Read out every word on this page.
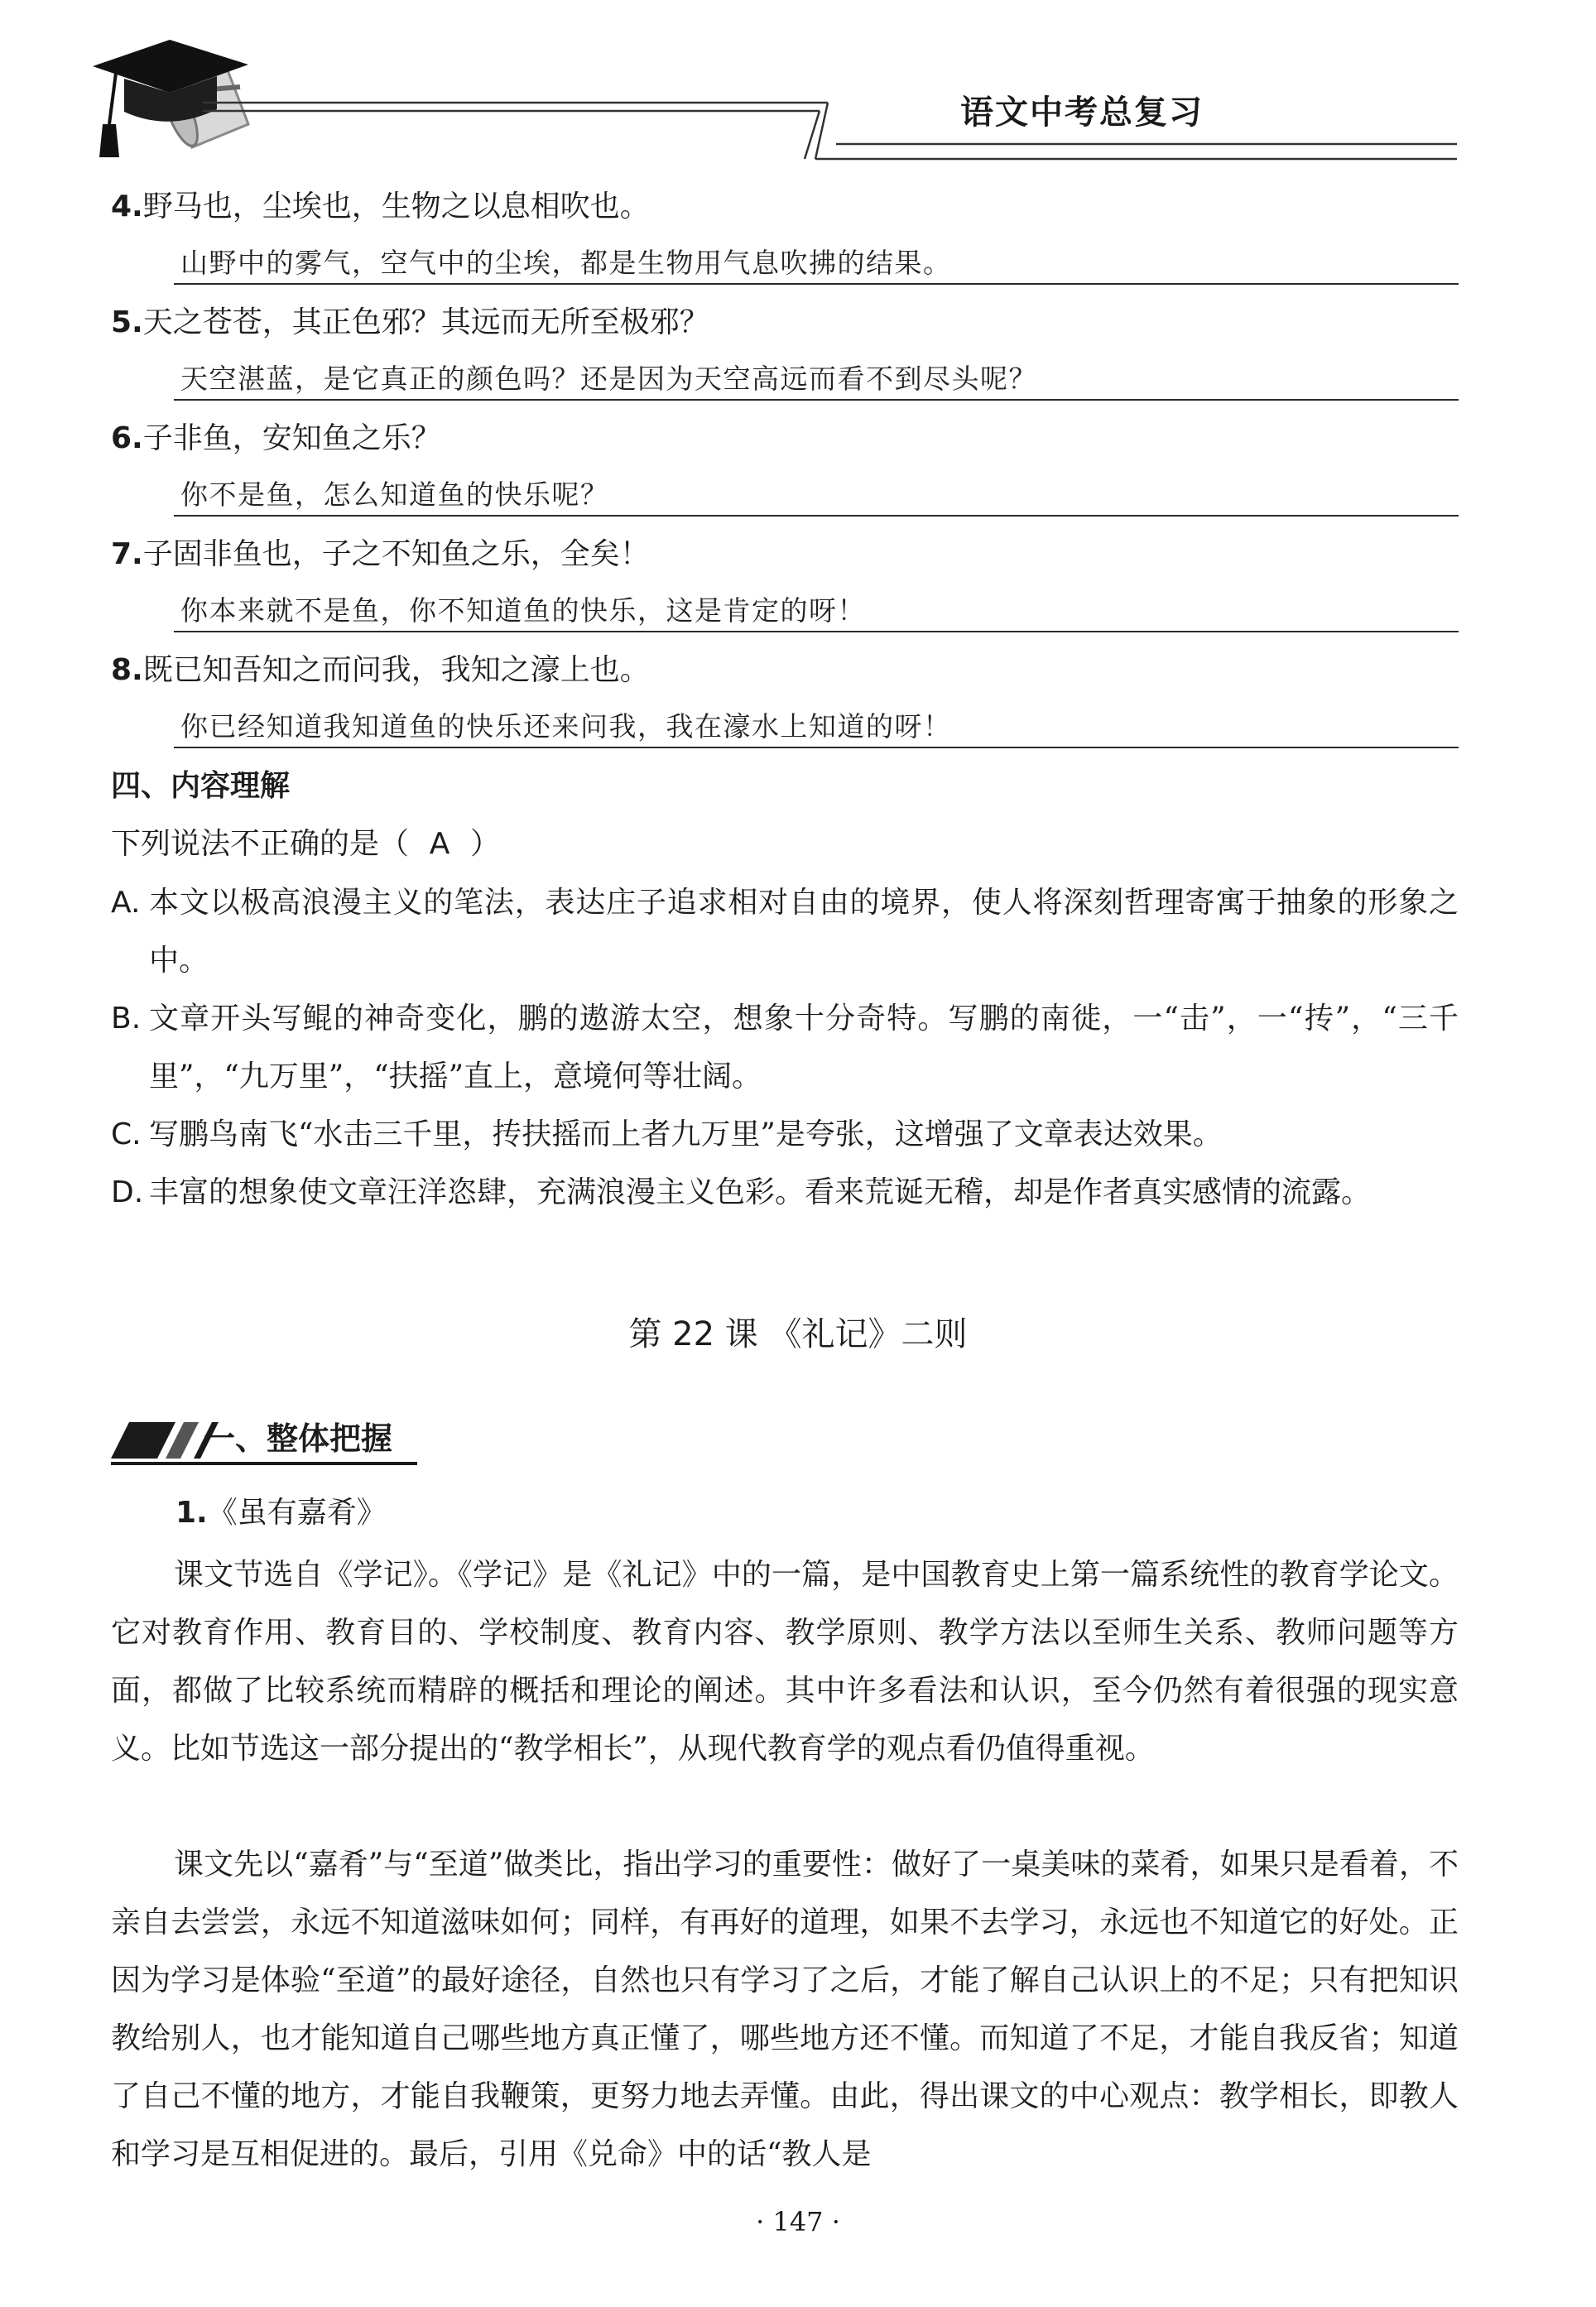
语文中考总复习
4.野马也，尘埃也，生物之以息相吹也。
山野中的雾气，空气中的尘埃，都是生物用气息吹拂的结果。
5.天之苍苍，其正色邪？其远而无所至极邪？
天空湛蓝，是它真正的颜色吗？还是因为天空高远而看不到尽头呢？
6.子非鱼，安知鱼之乐？
你不是鱼，怎么知道鱼的快乐呢？
7.子固非鱼也，子之不知鱼之乐，全矣！
你本来就不是鱼，你不知道鱼的快乐，这是肯定的呀！
8.既已知吾知之而问我，我知之濠上也。
你已经知道我知道鱼的快乐还来问我，我在濠水上知道的呀！
四、内容理解
下列说法不正确的是（ A ）
A. 本文以极高浪漫主义的笔法，表达庄子追求相对自由的境界，使人将深刻哲理寄寓于抽象的形象之中。
B. 文章开头写鲲的神奇变化，鹏的遨游太空，想象十分奇特。写鹏的南徙，一“击”，一“抟”，“三千里”，“九万里”，“扶摇”直上，意境何等壮阔。
C. 写鹏鸟南飞“水击三千里，抟扶摇而上者九万里”是夸张，这增强了文章表达效果。
D. 丰富的想象使文章汪洋恣肆，充满浪漫主义色彩。看来荒诞无稽，却是作者真实感情的流露。
第 22 课 《礼记》二则
一、整体把握
1.《虽有嘉肴》
课文节选自《学记》。《学记》是《礼记》中的一篇，是中国教育史上第一篇系统性的教育学论文。它对教育作用、教育目的、学校制度、教育内容、教学原则、教学方法以至师生关系、教师问题等方面，都做了比较系统而精辟的概括和理论的阐述。其中许多看法和认识，至今仍然有着很强的现实意义。比如节选这一部分提出的“教学相长”，从现代教育学的观点看仍值得重视。
课文先以“嘉肴”与“至道”做类比，指出学习的重要性：做好了一桌美味的菜肴，如果只是看着，不亲自去尝尝，永远不知道滋味如何；同样，有再好的道理，如果不去学习，永远也不知道它的好处。正因为学习是体验“至道”的最好途径，自然也只有学习了之后，才能了解自己认识上的不足；只有把知识教给别人，也才能知道自己哪些地方真正懂了，哪些地方还不懂。而知道了不足，才能自我反省；知道了自己不懂的地方，才能自我鞭策，更努力地去弄懂。由此，得出课文的中心观点：教学相长，即教人和学习是互相促进的。最后，引用《兑命》中的话“教人是
· 147 ·
